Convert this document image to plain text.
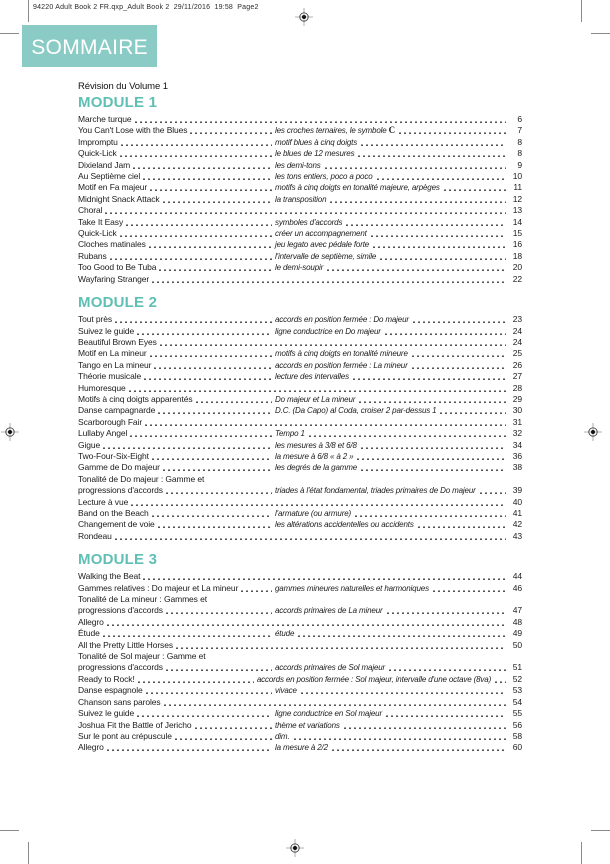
94220 Adult Book 2 FR.qxp_Adult Book 2  29/11/2016  19:58  Page2
SOMMAIRE

Révision du Volume 1

MODULE 1
Marche turque	6
You Can't Lose with the Blues	les croches ternaires, le symbole C	7
Impromptu	motif blues à cinq doigts	8
Quick-Lick	le blues de 12 mesures	8
Dixieland Jam	les demi-tons	9
Au Septième ciel	les tons entiers, poco a poco	10
Motif en Fa majeur	motifs à cinq doigts en tonalité majeure, arpèges	11
Midnight Snack Attack	la transposition	12
Choral	13
Take It Easy	symboles d'accords	14
Quick-Lick	créer un accompagnement	15
Cloches matinales	jeu legato avec pédale forte	16
Rubans	l'intervalle de septième, simile	18
Too Good to Be Tuba	le demi-soupir	20
Wayfaring Stranger	22
MODULE 2
Tout près	accords en position fermée : Do majeur	23
Suivez le guide	ligne conductrice en Do majeur	24
Beautiful Brown Eyes	24
Motif en La mineur	motifs à cinq doigts en tonalité mineure	25
Tango en La mineur	accords en position fermée : La mineur	26
Théorie musicale	lecture des intervalles	27
Humoresque	28
Motifs à cinq doigts apparentés	Do majeur et La mineur	29
Danse campagnarde	D.C. (Da Capo) al Coda, croiser 2 par-dessus 1	30
Scarborough Fair	31
Lullaby Angel	Tempo 1	32
Gigue	les mesures à 3/8 et 6/8	34
Two-Four-Six-Eight	la mesure à 6/8 « à 2 »	36
Gamme de Do majeur	les degrés de la gamme	38
Tonalité de Do majeur : Gamme et
progressions d'accords	triades à l'état fondamental, triades primaires de Do majeur	39
Lecture à vue	40
Band on the Beach	l'armature (ou armure)	41
Changement de voie	les altérations accidentelles ou accidents	42
Rondeau	43
MODULE 3
Walking the Beat	44
Gammes relatives : Do majeur et La mineur	gammes mineures naturelles et harmoniques	46
Tonalité de La mineur : Gammes et
progressions d'accords	accords primaires de La mineur	47
Allegro	48
Étude	étude	49
All the Pretty Little Horses	50
Tonalité de Sol majeur : Gamme et
progressions d'accords	accords primaires de Sol majeur	51
Ready to Rock!	accords en position fermée : Sol majeur, intervalle d'une octave (8va)	52
Danse espagnole	vivace	53
Chanson sans paroles	54
Suivez le guide	ligne conductrice en Sol majeur	55
Joshua Fit the Battle of Jericho	thème et variations	56
Sur le pont au crépuscule	dim.	58
Allegro	la mesure à 2/2	60
